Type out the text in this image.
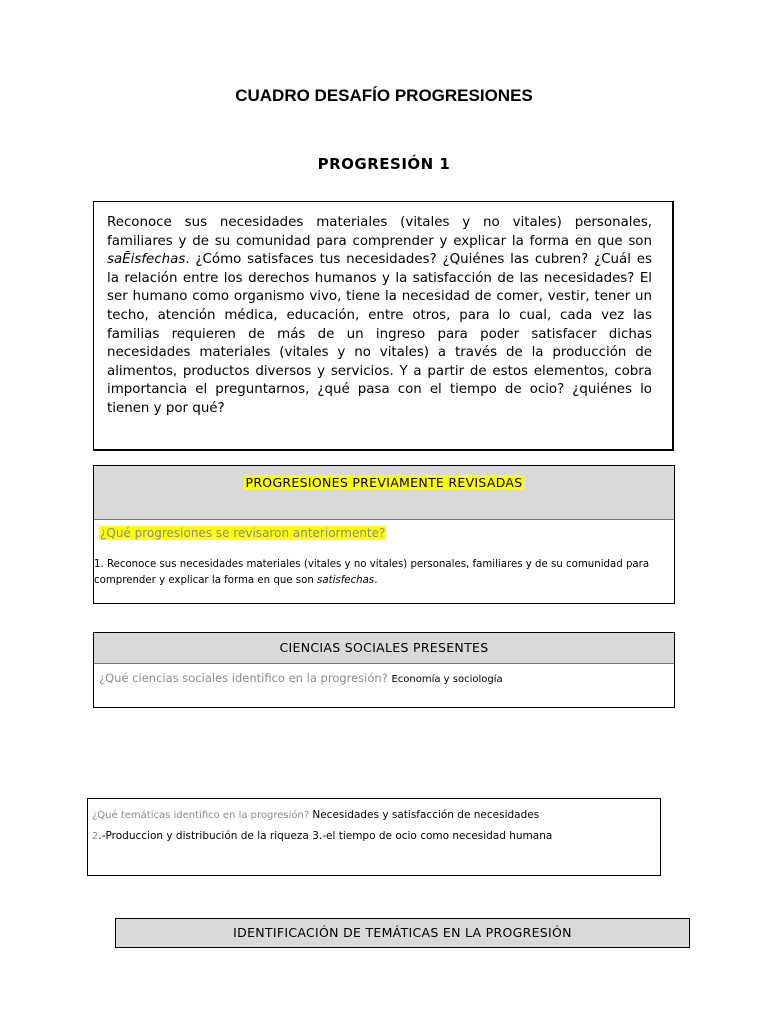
CUADRO DESAFÍO PROGRESIONES
PROGRESIÓN 1
Reconoce sus necesidades materiales (vitales y no vitales) personales, familiares y de su comunidad para comprender y explicar la forma en que son saĒisfechas. ¿Cómo satisfaces tus necesidades? ¿Quiénes las cubren? ¿Cuál es la relación entre los derechos humanos y la satisfacción de las necesidades? El ser humano como organismo vivo, tiene la necesidad de comer, vestir, tener un techo, atención médica, educación, entre otros, para lo cual, cada vez las familias requieren de más de un ingreso para poder satisfacer dichas necesidades materiales (vitales y no vitales) a través de la producción de alimentos, productos diversos y servicios. Y a partir de estos elementos, cobra importancia el preguntarnos, ¿qué pasa con el tiempo de ocio? ¿quiénes lo tienen y por qué?
PROGRESIONES PREVIAMENTE REVISADAS
¿Qué progresiones se revisaron anteriormente?
1. Reconoce sus necesidades materiales (vitales y no vitales) personales, familiares y de su comunidad para comprender y explicar la forma en que son satisfechas.
CIENCIAS SOCIALES PRESENTES
¿Qué ciencias sociales identifico en la progresión? Economía y sociología
¿Qué temáticas identifico en la progresión? Necesidades y satisfacción de necesidades
2.-Produccion y distribución de la riqueza 3.-el tiempo de ocio como necesidad humana
IDENTIFICACIÓN DE TEMÁTICAS EN LA PROGRESIÓN
